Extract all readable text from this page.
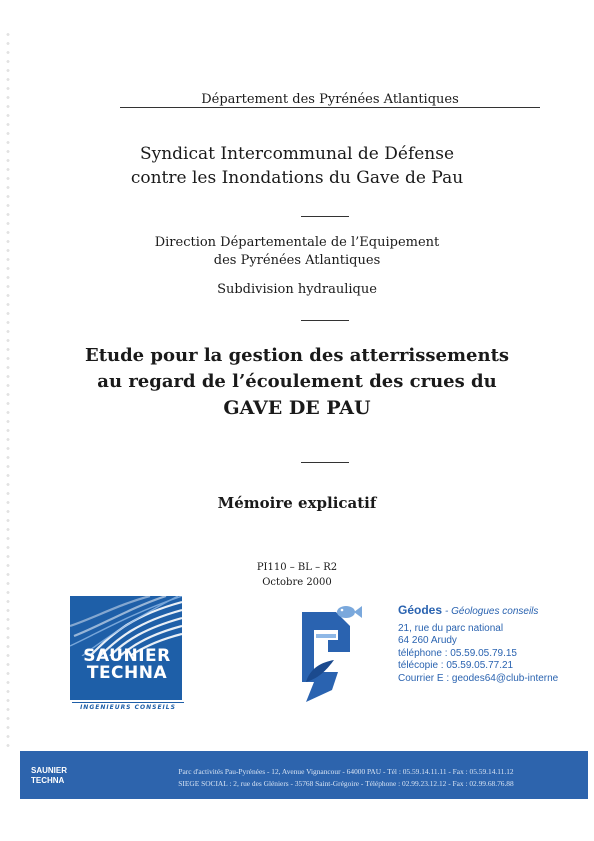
Département des Pyrénées Atlantiques
Syndicat Intercommunal de Défense
contre les Inondations du Gave de Pau
Direction Départementale de l’Equipement
des Pyrénées Atlantiques
Subdivision hydraulique
Etude pour la gestion des atterrissements
au regard de l’écoulement des crues du
GAVE DE PAU
Mémoire explicatif
PI110 – BL – R2
Octobre 2000
SAUNIER
TECHNA
INGENIEURS CONSEILS
Géodes - Géologues conseils
21, rue du parc national
64 260 Arudy
téléphone : 05.59.05.79.15
télécopie : 05.59.05.77.21
Courrier E : geodes64@club-interne
SAUNIER
TECHNA
Parc d'activités Pau-Pyrénées - 12, Avenue Vignancour - 64000 PAU - Tél : 05.59.14.11.11 - Fax : 05.59.14.11.12
SIEGE SOCIAL : 2, rue des Gléniers - 35768 Saint-Grégoire - Téléphone : 02.99.23.12.12 - Fax : 02.99.68.76.88
